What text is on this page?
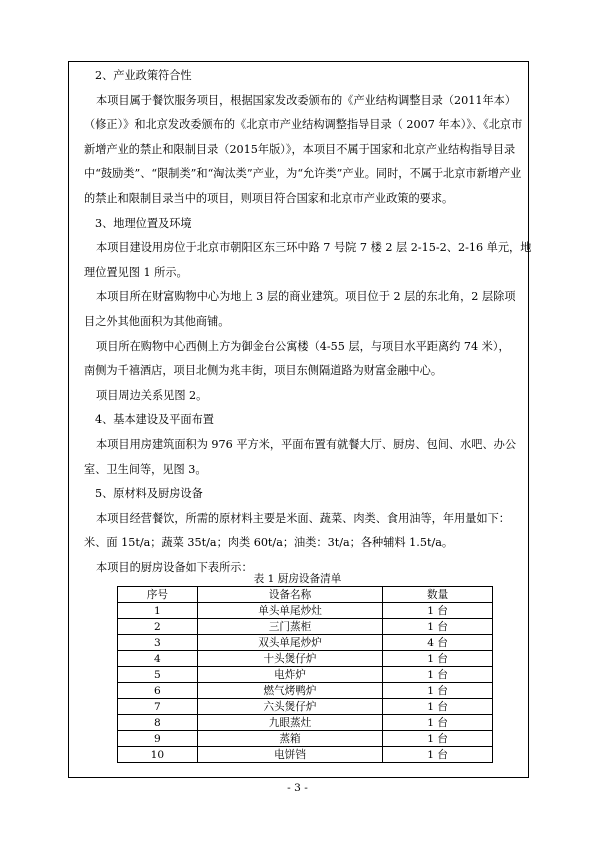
2、产业政策符合性
本项目属于餐饮服务项目，根据国家发改委颁布的《产业结构调整目录（2011年本）
（修正）》和北京发改委颁布的《北京市产业结构调整指导目录（ 2007 年本）》、《北京市
新增产业的禁止和限制目录（2015年版）》，本项目不属于国家和北京产业结构指导目录
中“鼓励类”、“限制类”和“淘汰类”产业，为“允许类”产业。同时，不属于北京市新增产业
的禁止和限制目录当中的项目，则项目符合国家和北京市产业政策的要求。
3、地理位置及环境
本项目建设用房位于北京市朝阳区东三环中路 7 号院 7 楼 2 层 2-15-2、2-16 单元，地
理位置见图 1 所示。
本项目所在财富购物中心为地上 3 层的商业建筑。项目位于 2 层的东北角，2 层除项
目之外其他面积为其他商铺。
项目所在购物中心西侧上方为御金台公寓楼（4-55 层，与项目水平距离约 74 米），
南侧为千禧酒店，项目北侧为兆丰街，项目东侧隔道路为财富金融中心。
项目周边关系见图 2。
4、基本建设及平面布置
本项目用房建筑面积为 976 平方米，平面布置有就餐大厅、厨房、包间、水吧、办公
室、卫生间等，见图 3。
5、原材料及厨房设备
本项目经营餐饮，所需的原材料主要是米面、蔬菜、肉类、食用油等，年用量如下：
米、面 15t/a；蔬菜 35t/a；肉类 60t/a；油类：3t/a；各种辅料 1.5t/a。
本项目的厨房设备如下表所示：
表 1 厨房设备清单
序号	设备名称	数量
1	单头单尾炒灶	1 台
2	三门蒸柜	1 台
3	双头单尾炒炉	4 台
4	十头煲仔炉	1 台
5	电炸炉	1 台
6	燃气烤鸭炉	1 台
7	六头煲仔炉	1 台
8	九眼蒸灶	1 台
9	蒸箱	1 台
10	电饼铛	1 台
- 3 -
